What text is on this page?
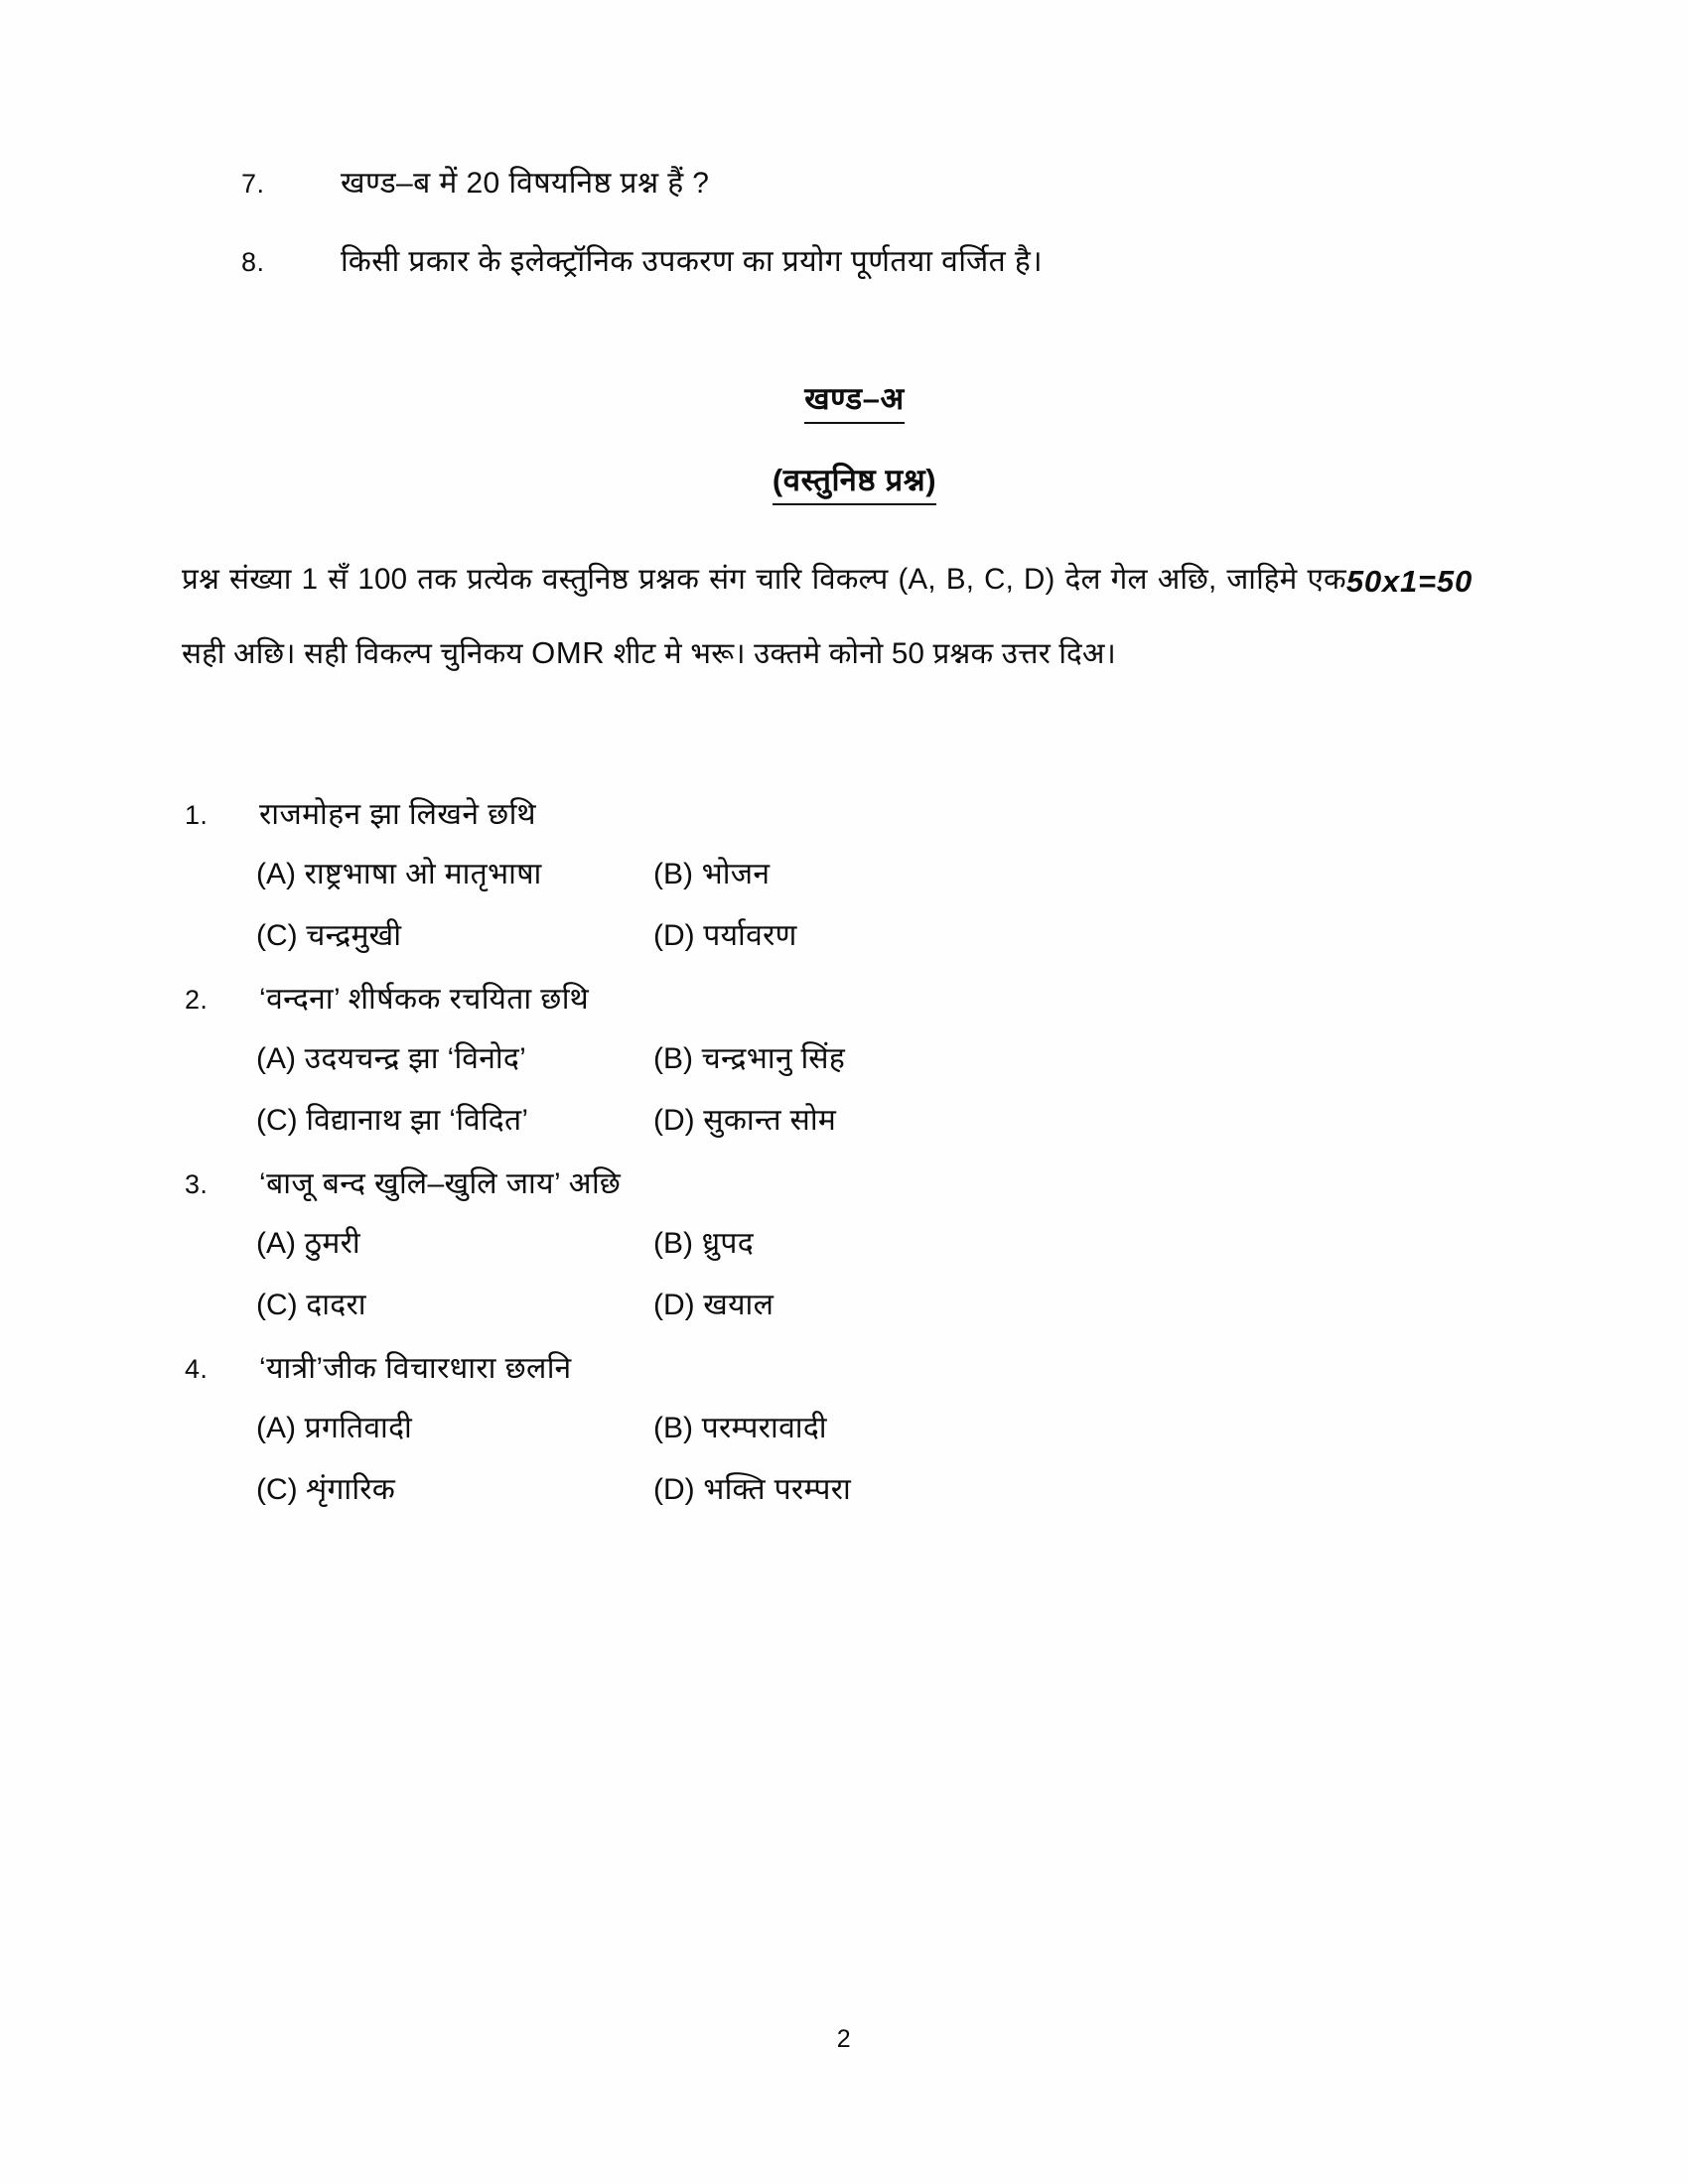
7.	खण्ड–ब में 20 विषयनिष्ठ प्रश्न हैं ?
8.	किसी प्रकार के इलेक्ट्रॉनिक उपकरण का प्रयोग पूर्णतया वर्जित है।
खण्ड–अ
(वस्तुनिष्ठ प्रश्न)
50x1=50
प्रश्न संख्या 1 सँ 100 तक प्रत्येक वस्तुनिष्ठ प्रश्नक संग चारि विकल्प (A, B, C, D) देल गेल अछि, जाहिमे एक सही अछि। सही विकल्प चुनिकय OMR शीट मे भरू। उक्तमे कोनो 50 प्रश्नक उत्तर दिअ।
1.	राजमोहन झा लिखने छथि
(A) राष्ट्रभाषा ओ मातृभाषा	(B) भोजन
(C) चन्द्रमुखी	(D) पर्यावरण
2.	‘वन्दना’ शीर्षकक रचयिता छथि
(A) उदयचन्द्र झा ‘विनोद’	(B) चन्द्रभानु सिंह
(C) विद्यानाथ झा ‘विदित’	(D) सुकान्त सोम
3.	‘बाजू बन्द खुलि–खुलि जाय’ अछि
(A) ठुमरी	(B) ध्रुपद
(C) दादरा	(D) खयाल
4.	‘यात्री’जीक विचारधारा छलनि
(A) प्रगतिवादी	(B) परम्परावादी
(C) शृंगारिक	(D) भक्ति परम्परा
2
